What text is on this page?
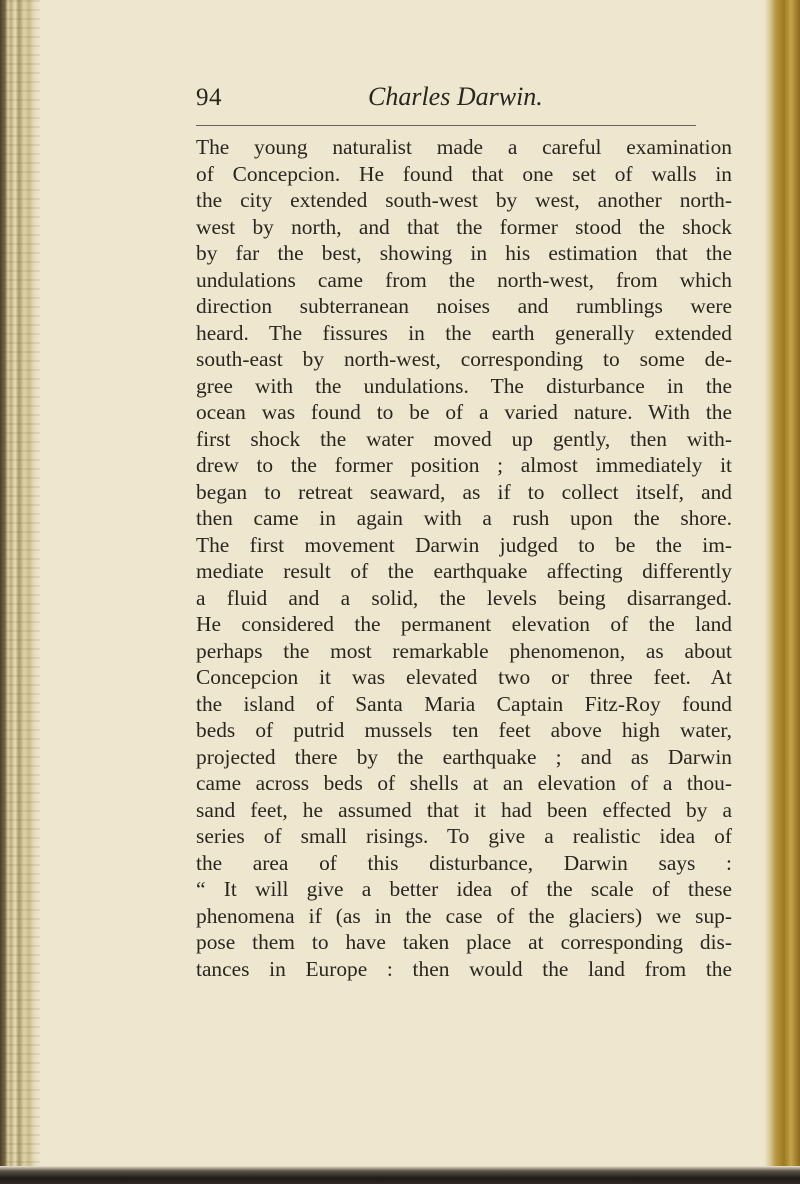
94	Charles Darwin.
The young naturalist made a careful examination
of Concepcion. He found that one set of walls in
the city extended south-west by west, another north-
west by north, and that the former stood the shock
by far the best, showing in his estimation that the
undulations came from the north-west, from which
direction subterranean noises and rumblings were
heard. The fissures in the earth generally extended
south-east by north-west, corresponding to some de-
gree with the undulations. The disturbance in the
ocean was found to be of a varied nature. With the
first shock the water moved up gently, then with-
drew to the former position ; almost immediately it
began to retreat seaward, as if to collect itself, and
then came in again with a rush upon the shore.
The first movement Darwin judged to be the im-
mediate result of the earthquake affecting differently
a fluid and a solid, the levels being disarranged.
He considered the permanent elevation of the land
perhaps the most remarkable phenomenon, as about
Concepcion it was elevated two or three feet. At
the island of Santa Maria Captain Fitz-Roy found
beds of putrid mussels ten feet above high water,
projected there by the earthquake ; and as Darwin
came across beds of shells at an elevation of a thou-
sand feet, he assumed that it had been effected by a
series of small risings. To give a realistic idea of
the area of this disturbance, Darwin says :
“ It will give a better idea of the scale of these
phenomena if (as in the case of the glaciers) we sup-
pose them to have taken place at corresponding dis-
tances in Europe : then would the land from the
